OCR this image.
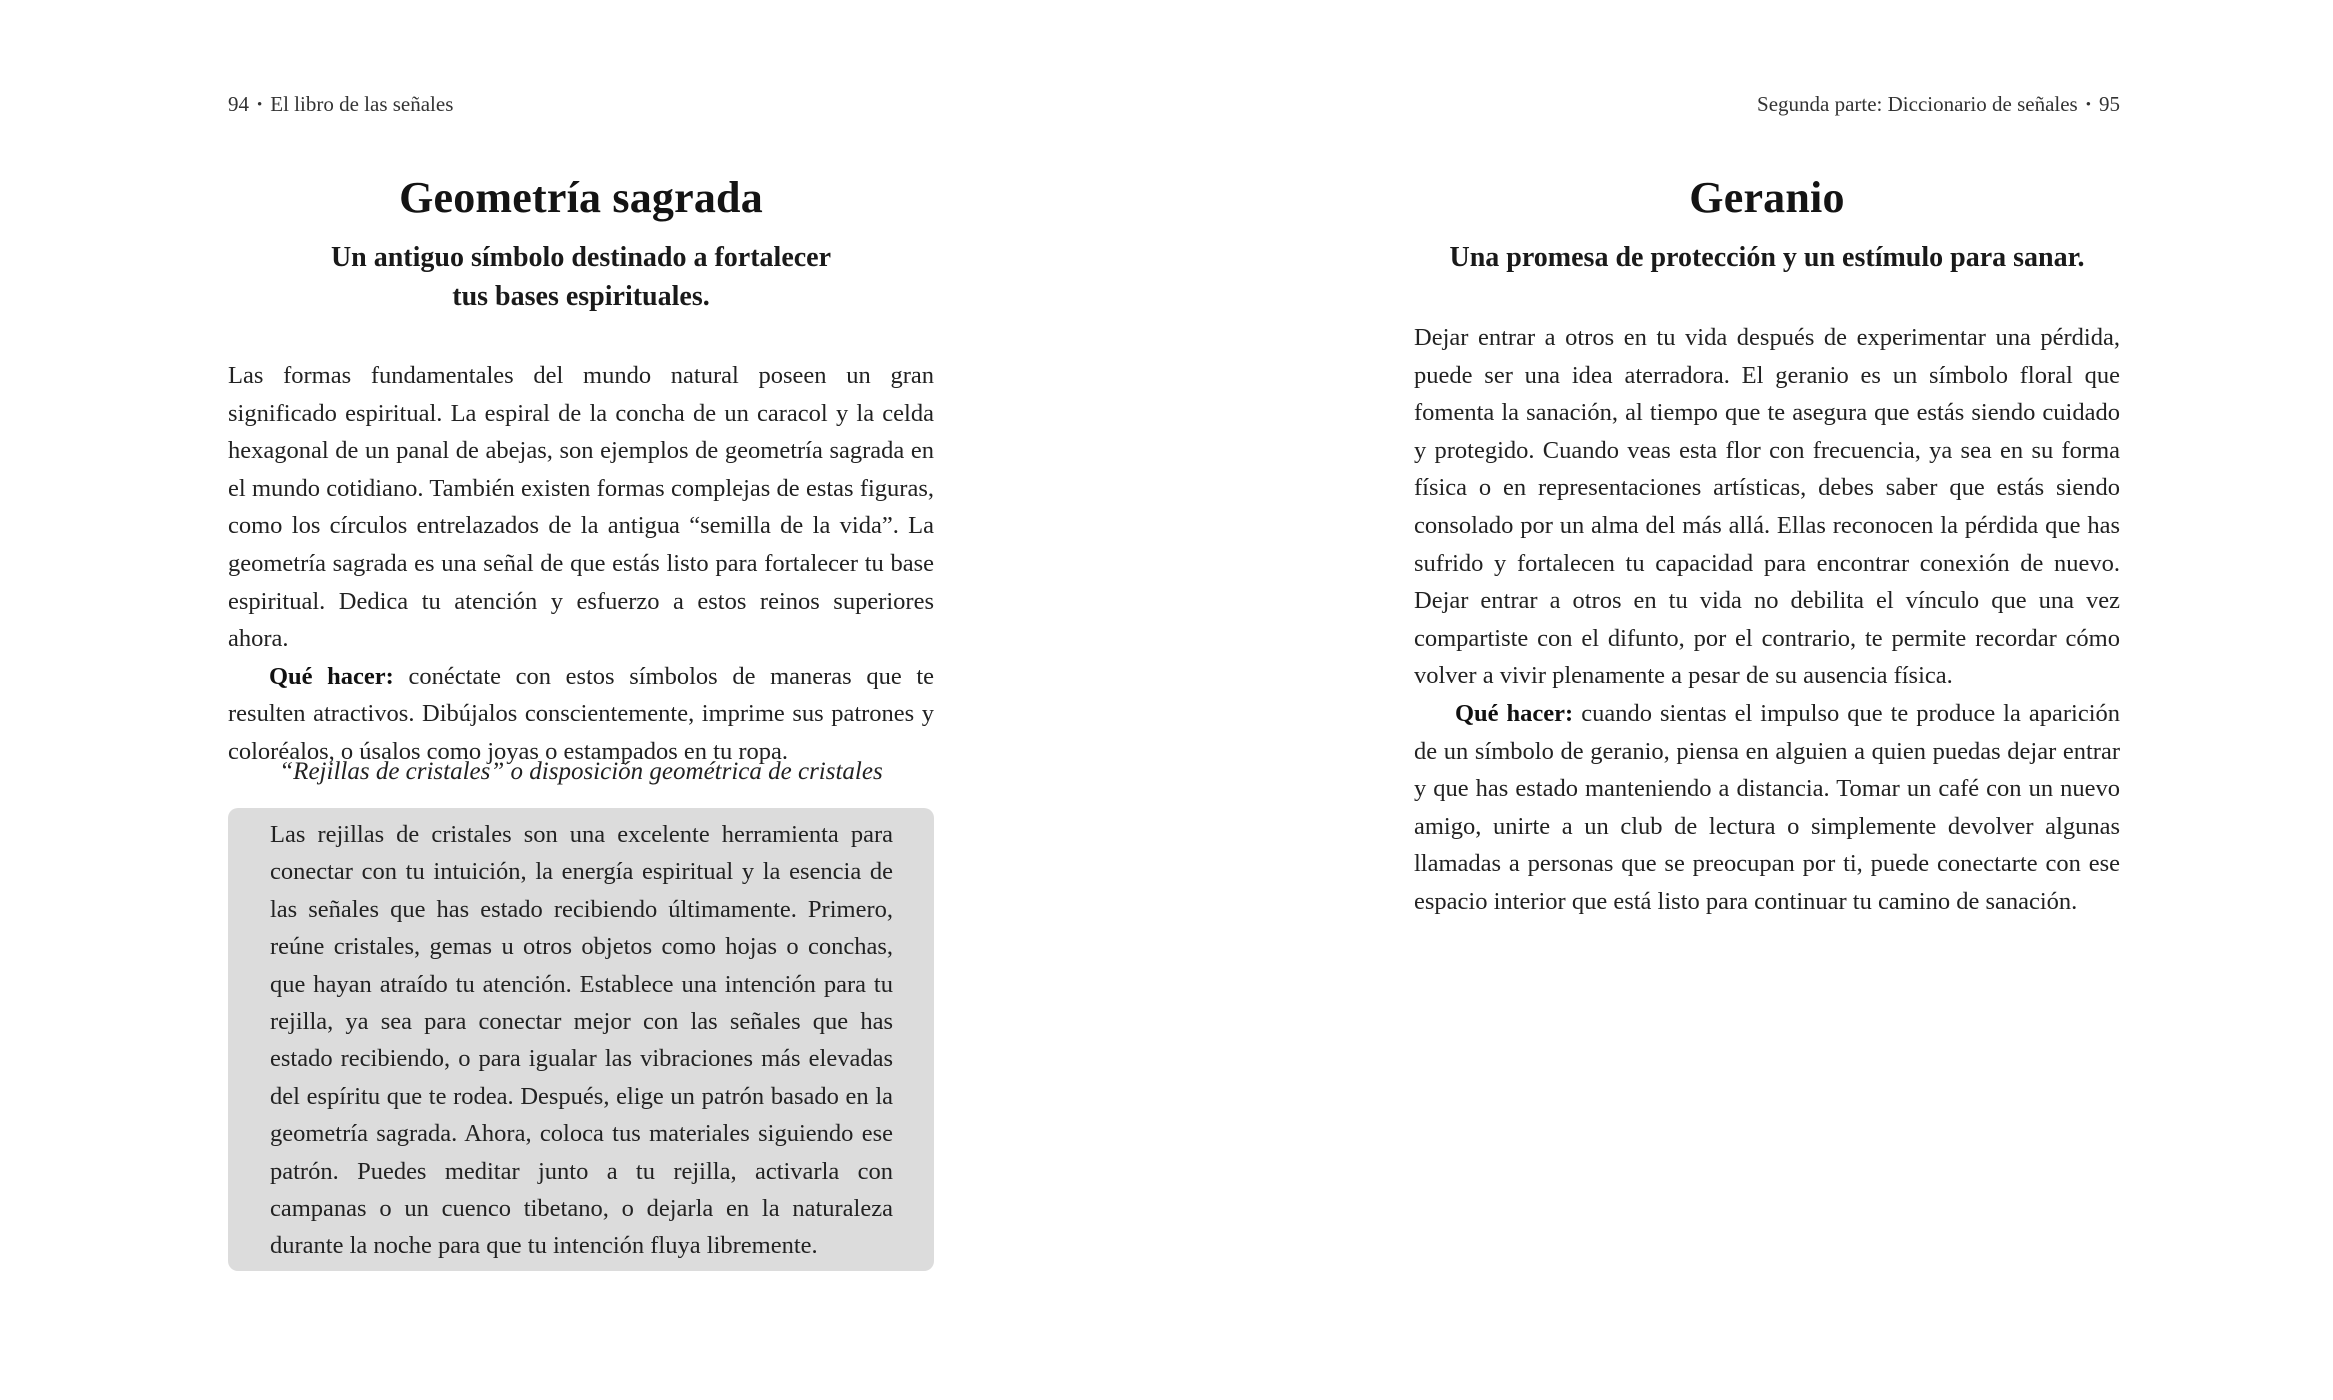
94 • El libro de las señales
Geometría sagrada
Un antiguo símbolo destinado a fortalecer tus bases espirituales.

Las formas fundamentales del mundo natural poseen un gran significado espiritual. La espiral de la concha de un caracol y la celda hexagonal de un panal de abejas, son ejemplos de geometría sagrada en el mundo cotidiano. También existen formas complejas de estas figuras, como los círculos entrelazados de la antigua “semilla de la vida”. La geometría sagrada es una señal de que estás listo para fortalecer tu base espiritual. Dedica tu atención y esfuerzo a estos reinos superiores ahora.

Qué hacer: conéctate con estos símbolos de maneras que te resulten atractivos. Dibújalos conscientemente, imprime sus patrones y coloréalos, o úsalos como joyas o estampados en tu ropa.

“Rejillas de cristales” o disposición geométrica de cristales
Las rejillas de cristales son una excelente herramienta para conectar con tu intuición, la energía espiritual y la esencia de las señales que has estado recibiendo últimamente. Primero, reúne cristales, gemas u otros objetos como hojas o conchas, que hayan atraído tu atención. Establece una intención para tu rejilla, ya sea para conectar mejor con las señales que has estado recibiendo, o para igualar las vibraciones más elevadas del espíritu que te rodea. Después, elige un patrón basado en la geometría sagrada. Ahora, coloca tus materiales siguiendo ese patrón. Puedes meditar junto a tu rejilla, activarla con campanas o un cuenco tibetano, o dejarla en la naturaleza durante la noche para que tu intención fluya libremente.
Segunda parte: Diccionario de señales • 95
Geranio
Una promesa de protección y un estímulo para sanar.

Dejar entrar a otros en tu vida después de experimentar una pérdida, puede ser una idea aterradora. El geranio es un símbolo floral que fomenta la sanación, al tiempo que te asegura que estás siendo cuidado y protegido. Cuando veas esta flor con frecuencia, ya sea en su forma física o en representaciones artísticas, debes saber que estás siendo consolado por un alma del más allá. Ellas reconocen la pérdida que has sufrido y fortalecen tu capacidad para encontrar conexión de nuevo. Dejar entrar a otros en tu vida no debilita el vínculo que una vez compartiste con el difunto, por el contrario, te permite recordar cómo volver a vivir plenamente a pesar de su ausencia física.

Qué hacer: cuando sientas el impulso que te produce la aparición de un símbolo de geranio, piensa en alguien a quien puedas dejar entrar y que has estado manteniendo a distancia. Tomar un café con un nuevo amigo, unirte a un club de lectura o simplemente devolver algunas llamadas a personas que se preocupan por ti, puede conectarte con ese espacio interior que está listo para continuar tu camino de sanación.
